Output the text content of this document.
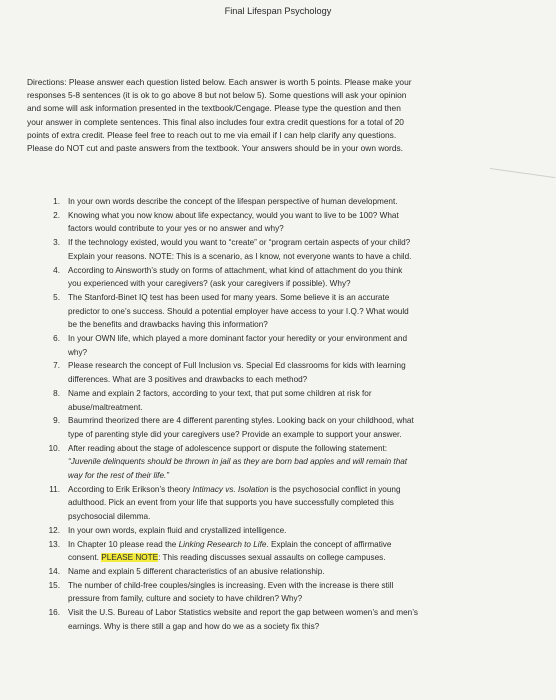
Final Lifespan Psychology
Directions: Please answer each question listed below. Each answer is worth 5 points. Please make your
responses 5-8 sentences (it is ok to go above 8 but not below 5). Some questions will ask your opinion
and some will ask information presented in the textbook/Cengage. Please type the question and then
your answer in complete sentences. This final also includes four extra credit questions for a total of 20
points of extra credit. Please feel free to reach out to me via email if I can help clarify any questions.
Please do NOT cut and paste answers from the textbook. Your answers should be in your own words.
1. In your own words describe the concept of the lifespan perspective of human development.
2. Knowing what you now know about life expectancy, would you want to live to be 100? What
factors would contribute to your yes or no answer and why?
3. If the technology existed, would you want to “create” or “program certain aspects of your child?
Explain your reasons. NOTE: This is a scenario, as I know, not everyone wants to have a child.
4. According to Ainsworth’s study on forms of attachment, what kind of attachment do you think
you experienced with your caregivers? (ask your caregivers if possible). Why?
5. The Stanford-Binet IQ test has been used for many years. Some believe it is an accurate
predictor to one’s success. Should a potential employer have access to your I.Q.? What would
be the benefits and drawbacks having this information?
6. In your OWN life, which played a more dominant factor your heredity or your environment and
why?
7. Please research the concept of Full Inclusion vs. Special Ed classrooms for kids with learning
differences. What are 3 positives and drawbacks to each method?
8. Name and explain 2 factors, according to your text, that put some children at risk for
abuse/maltreatment.
9. Baumrind theorized there are 4 different parenting styles. Looking back on your childhood, what
type of parenting style did your caregivers use? Provide an example to support your answer.
10. After reading about the stage of adolescence support or dispute the following statement:
“Juvenile delinquents should be thrown in jail as they are born bad apples and will remain that
way for the rest of their life.”
11. According to Erik Erikson’s theory Intimacy vs. Isolation is the psychosocial conflict in young
adulthood. Pick an event from your life that supports you have successfully completed this
psychosocial dilemma.
12. In your own words, explain fluid and crystallized intelligence.
13. In Chapter 10 please read the Linking Research to Life. Explain the concept of affirmative
consent. PLEASE NOTE: This reading discusses sexual assaults on college campuses.
14. Name and explain 5 different characteristics of an abusive relationship.
15. The number of child-free couples/singles is increasing. Even with the increase is there still
pressure from family, culture and society to have children? Why?
16. Visit the U.S. Bureau of Labor Statistics website and report the gap between women’s and men’s
earnings. Why is there still a gap and how do we as a society fix this?
